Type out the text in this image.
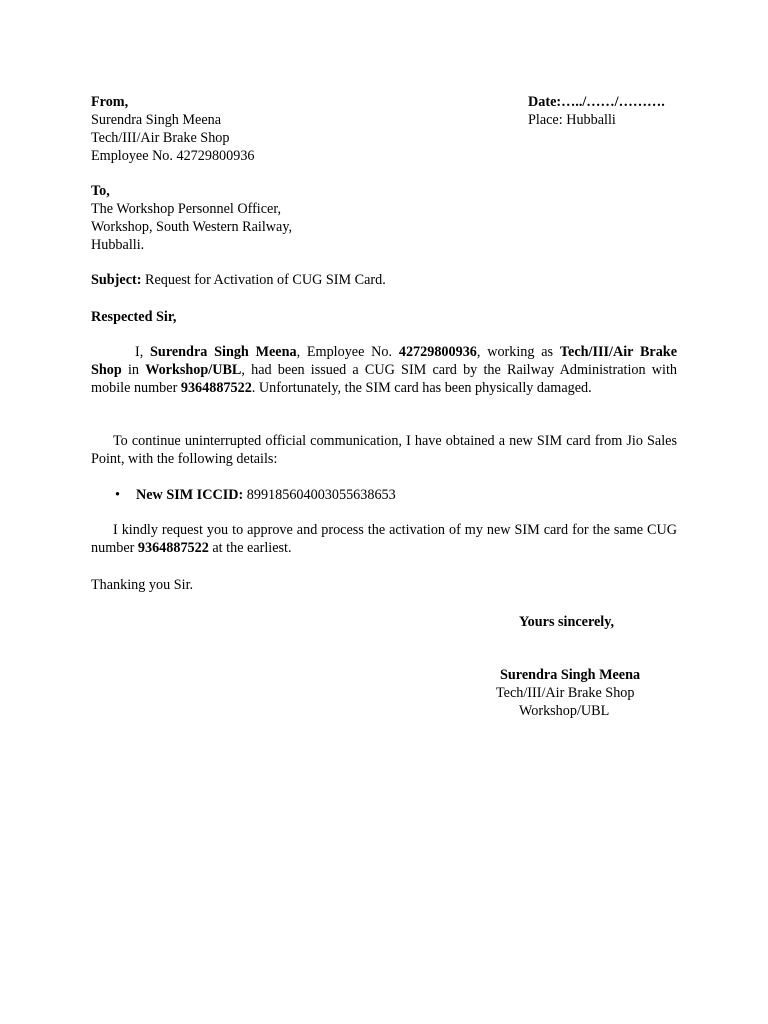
From,
Surendra Singh Meena
Tech/III/Air Brake Shop
Employee No. 42729800936
Date:…../……/……….
Place: Hubballi
To,
The Workshop Personnel Officer,
Workshop, South Western Railway,
Hubballi.
Subject: Request for Activation of CUG SIM Card.
Respected Sir,
I, Surendra Singh Meena, Employee No. 42729800936, working as Tech/III/Air Brake Shop in Workshop/UBL, had been issued a CUG SIM card by the Railway Administration with mobile number 9364887522. Unfortunately, the SIM card has been physically damaged.
To continue uninterrupted official communication, I have obtained a new SIM card from Jio Sales Point, with the following details:
• New SIM ICCID: 89918560400305563865​3
I kindly request you to approve and process the activation of my new SIM card for the same CUG number 9364887522 at the earliest.
Thanking you Sir.
Yours sincerely,
Surendra Singh Meena
Tech/III/Air Brake Shop
Workshop/UBL
